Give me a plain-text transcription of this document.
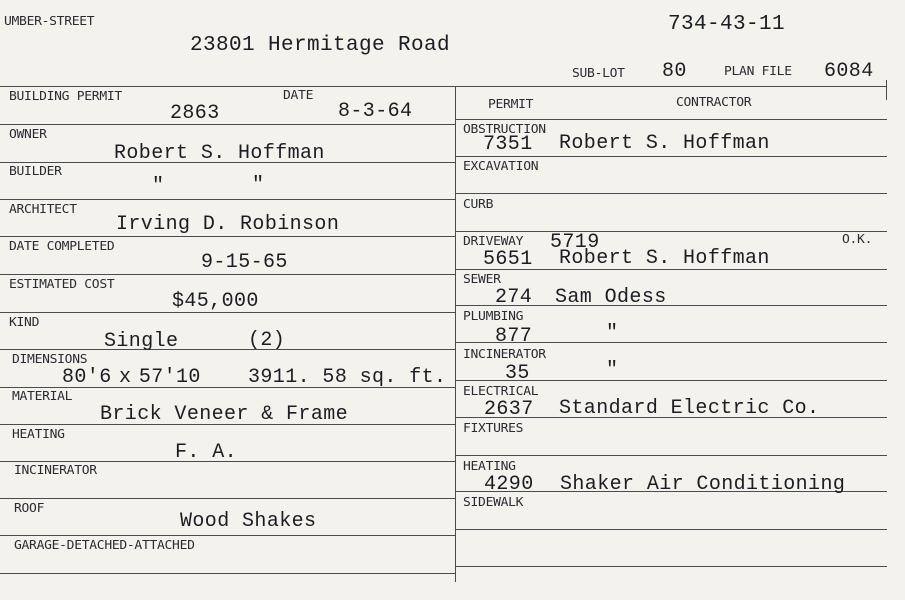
UMBER-STREET
23801 Hermitage Road
734-43-11
SUB-LOT 80	PLAN FILE 6084
BUILDING PERMIT
2863
DATE
8-3-64
OWNER
Robert S. Hoffman
BUILDER
"	"
ARCHITECT
Irving D. Robinson
DATE COMPLETED
9-15-65
ESTIMATED COST
$45,000
KIND
Single	(2)
DIMENSIONS
80'6 x 57'10 3911. 58 sq. ft.
MATERIAL
Brick Veneer & Frame
HEATING
F. A.
INCINERATOR
ROOF
Wood Shakes
GARAGE-DETACHED-ATTACHED
PERMIT	CONTRACTOR
OBSTRUCTION
7351 Robert S. Hoffman
EXCAVATION
CURB
DRIVEWAY 5719	O.K.
5651 Robert S. Hoffman
SEWER
274 Sam Odess
PLUMBING
877	"
INCINERATOR
35	"
ELECTRICAL
2637 Standard Electric Co.
FIXTURES
HEATING
4290 Shaker Air Conditioning
SIDEWALK
